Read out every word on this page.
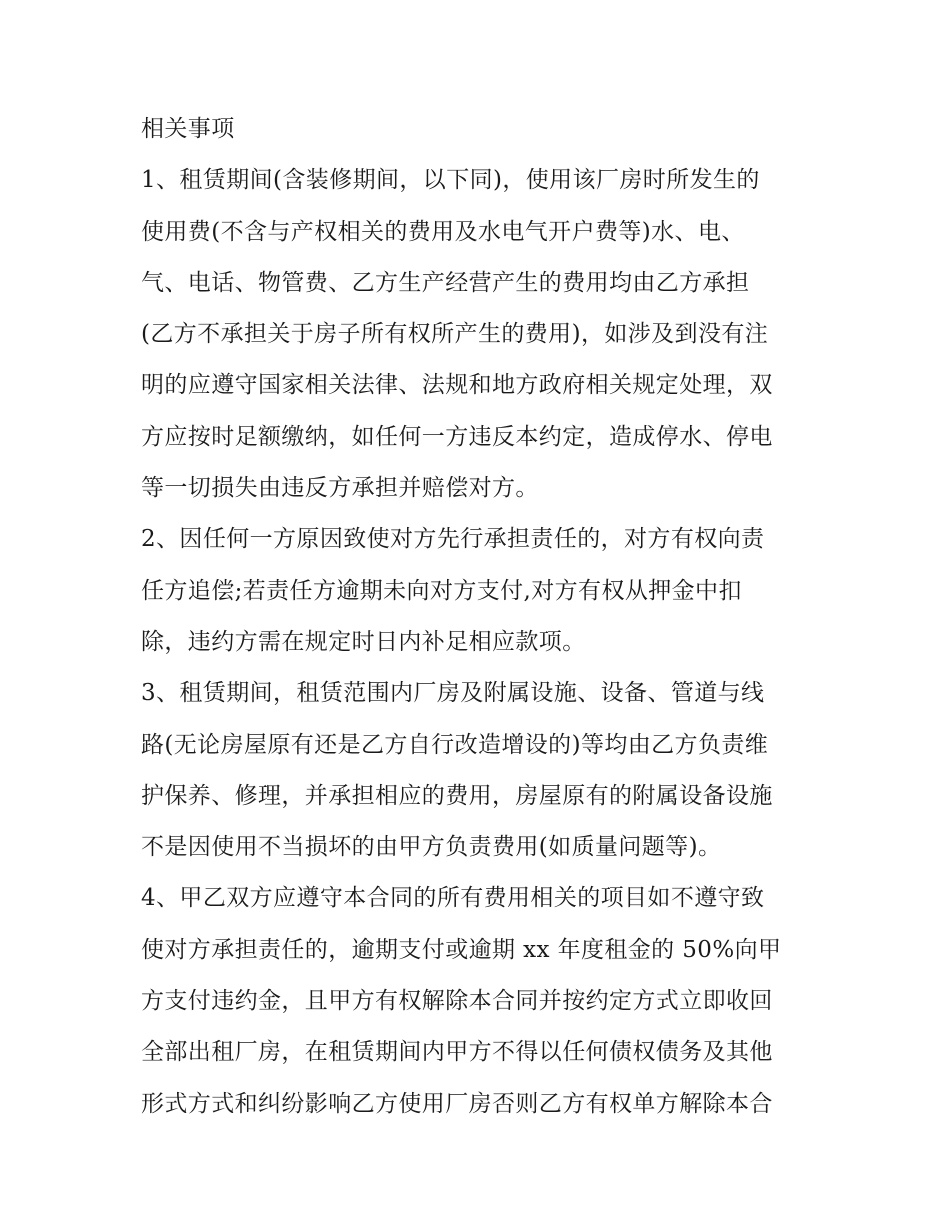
相关事项
1、租赁期间(含装修期间，以下同)，使用该厂房时所发生的
使用费(不含与产权相关的费用及水电气开户费等)水、电、
气、电话、物管费、乙方生产经营产生的费用均由乙方承担
(乙方不承担关于房子所有权所产生的费用)，如涉及到没有注
明的应遵守国家相关法律、法规和地方政府相关规定处理，双
方应按时足额缴纳，如任何一方违反本约定，造成停水、停电
等一切损失由违反方承担并赔偿对方。
2、因任何一方原因致使对方先行承担责任的，对方有权向责
任方追偿;若责任方逾期未向对方支付,对方有权从押金中扣
除，违约方需在规定时日内补足相应款项。
3、租赁期间，租赁范围内厂房及附属设施、设备、管道与线
路(无论房屋原有还是乙方自行改造增设的)等均由乙方负责维
护保养、修理，并承担相应的费用，房屋原有的附属设备设施
不是因使用不当损坏的由甲方负责费用(如质量问题等)。
4、甲乙双方应遵守本合同的所有费用相关的项目如不遵守致
使对方承担责任的，逾期支付或逾期 xx 年度租金的 50%向甲
方支付违约金，且甲方有权解除本合同并按约定方式立即收回
全部出租厂房，在租赁期间内甲方不得以任何债权债务及其他
形式方式和纠纷影响乙方使用厂房否则乙方有权单方解除本合
